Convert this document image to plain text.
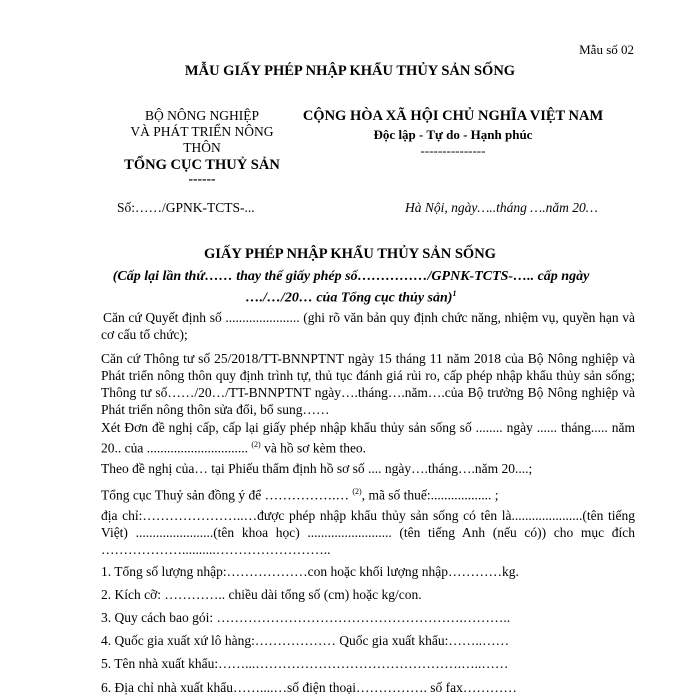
Mẫu số 02
MẪU GIẤY PHÉP NHẬP KHẨU THỦY SẢN SỐNG
BỘ NÔNG NGHIỆP
VÀ PHÁT TRIỂN NÔNG
THÔN
TỔNG CỤC THUỶ SẢN
------
CỘNG HÒA XÃ HỘI CHỦ NGHĨA VIỆT NAM
Độc lập - Tự do - Hạnh phúc
---------------
Số:……/GPNK-TCTS-...	Hà Nội, ngày…..tháng ….năm 20…
GIẤY PHÉP NHẬP KHẨU THỦY SẢN SỐNG
(Cấp lại lần thứ…… thay thế giấy phép số……………/GPNK-TCTS-….. cấp ngày …./…/20… của Tổng cục thủy sản)$^1$
Căn cứ Quyết định số ...................... (ghi rõ văn bản quy định chức năng, nhiệm vụ, quyền hạn và cơ cấu tổ chức);
Căn cứ Thông tư số 25/2018/TT-BNNPTNT ngày 15 tháng 11 năm 2018 của Bộ Nông nghiệp và Phát triển nông thôn quy định trình tự, thủ tục đánh giá rủi ro, cấp phép nhập khẩu thủy sản sống; Thông tư số……/20…/TT-BNNPTNT ngày….tháng….năm….của Bộ trưởng Bộ Nông nghiệp và Phát triển nông thôn sửa đổi, bổ sung……
Xét Đơn đề nghị cấp, cấp lại giấy phép nhập khẩu thủy sản sống số ........ ngày ...... tháng..... năm 20.. của .............................. $^{(2)}$ và hồ sơ kèm theo.
Theo đề nghị của… tại Phiếu thẩm định hồ sơ số .... ngày….tháng….năm 20....;
Tổng cục Thuỷ sản đồng ý để …………….… $^{(2)}$, mã số thuế:.................. ;
địa chỉ:…………………..…được phép nhập khẩu thủy sản sống có tên là.....................(tên tiếng Việt) .......................(tên khoa học) ......................... (tên tiếng Anh (nếu có)) cho mục đích ………………..........……………………..
1. Tổng số lượng nhập:………………con hoặc khối lượng nhập…………kg.
2. Kích cỡ: ………….. chiều dài tổng số (cm) hoặc kg/con.
3. Quy cách bao gói: ……………………………………………….………..
4. Quốc gia xuất xứ lô hàng:……………… Quốc gia xuất khẩu:……..……
5. Tên nhà xuất khẩu:……...……………………………………….…..……
6. Địa chỉ nhà xuất khẩu……....…số điện thoại……………. số fax…………
